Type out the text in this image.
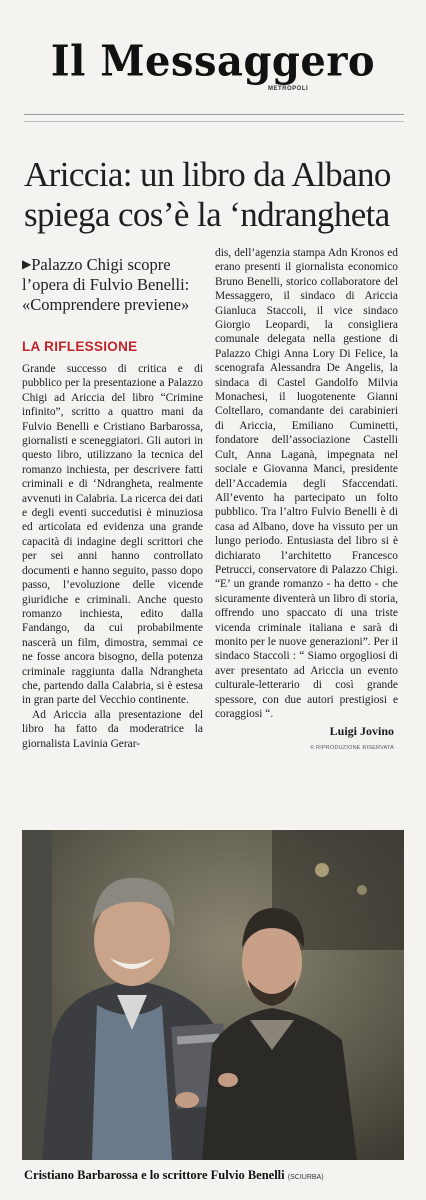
Il Messaggero
METROPOLI
Ariccia: un libro da Albano
spiega cos’è la ‘ndrangheta
▶Palazzo Chigi scopre
l’opera di Fulvio Benelli:
«Comprendere previene»
LA RIFLESSIONE

Grande successo di critica e di pubblico per la presentazione a Palazzo Chigi ad Ariccia del libro “Crimine infinito”, scritto a quattro mani da Fulvio Benelli e Cristiano Barbarossa, giornalisti e sceneggiatori. Gli autori in questo libro, utilizzano la tecnica del romanzo inchiesta, per descrivere fatti criminali e di ‘Ndrangheta, realmente avvenuti in Calabria. La ricerca dei dati e degli eventi succedutisi è minuziosa ed articolata ed evidenza una grande capacità di indagine degli scrittori che per sei anni hanno controllato documenti e hanno seguito, passo dopo passo, l’evoluzione delle vicende giuridiche e criminali. Anche questo romanzo inchiesta, edito dalla Fandango, da cui probabilmente nascerà un film, dimostra, semmai ce ne fosse ancora bisogno, della potenza criminale raggiunta dalla Ndrangheta che, partendo dalla Calabria, si è estesa in gran parte del Vecchio continente.

Ad Ariccia alla presentazione del libro ha fatto da moderatrice la giornalista Lavinia Gerar-

dis, dell’agenzia stampa Adn Kronos ed erano presenti il giornalista economico Bruno Benelli, storico collaboratore del Messaggero, il sindaco di Ariccia Gianluca Staccoli, il vice sindaco Giorgio Leopardi, la consigliera comunale delegata nella gestione di Palazzo Chigi Anna Lory Di Felice, la scenografa Alessandra De Angelis, la sindaca di Castel Gandolfo Milvia Monachesi, il luogotenente Gianni Coltellaro, comandante dei carabinieri di Ariccia, Emiliano Cuminetti, fondatore dell’associazione Castelli Cult, Anna Laganà, impegnata nel sociale e Giovanna Manci, presidente dell’Accademia degli Sfaccendati. All’evento ha partecipato un folto pubblico. Tra l’altro Fulvio Benelli è di casa ad Albano, dove ha vissuto per un lungo periodo. Entusiasta del libro si è dichiarato l’architetto Francesco Petrucci, conservatore di Palazzo Chigi. “E’ un grande romanzo - ha detto - che sicuramente diventerà un libro di storia, offrendo uno spaccato di una triste vicenda criminale italiana e sarà di monito per le nuove generazioni”. Per il sindaco Staccoli : “ Siamo orgogliosi di aver presentato ad Ariccia un evento culturale-letterario di così grande spessore, con due autori prestigiosi e coraggiosi “.

Luigi Jovino
© RIPRODUZIONE RISERVATA
Cristiano Barbarossa e lo scrittore Fulvio Benelli (SCIURBA)
